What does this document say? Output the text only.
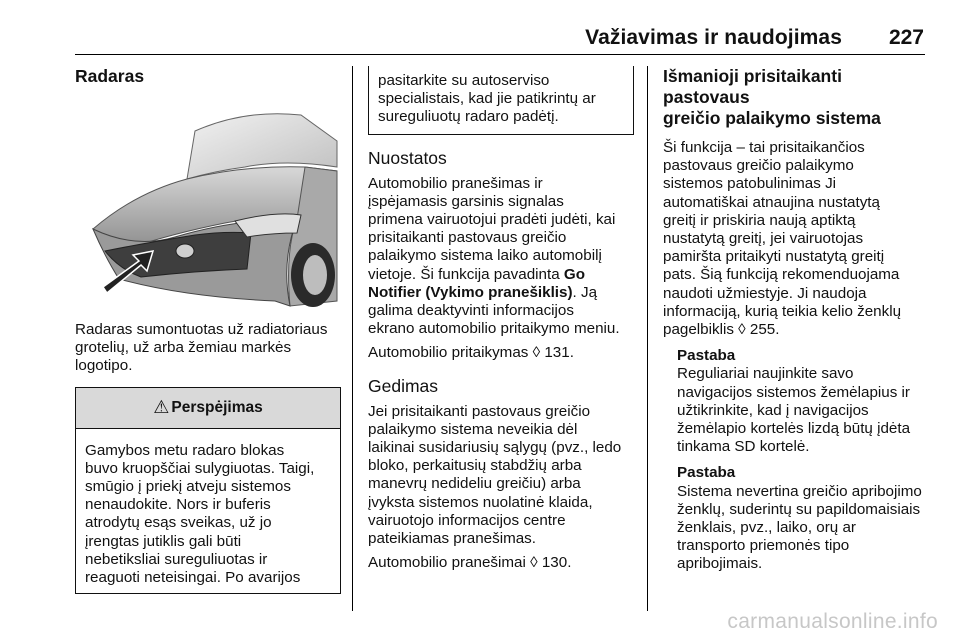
Važiavimas ir naudojimas 227
Radaras

Radaras sumontuotas už radiatoriaus

grotelių, už arba žemiau markės

logotipo.

⚠ Perspėjimas

Gamybos metu radaro blokas

buvo kruopščiai sulygiuotas. Taigi,

smūgio į priekį atveju sistemos

nenaudokite. Nors ir buferis

atrodytų esąs sveikas, už jo

įrengtas jutiklis gali būti

nebetiksliai sureguliuotas ir

reaguoti neteisingai. Po avarijos

pasitarkite su autoserviso

specialistais, kad jie patikrintų ar

sureguliuotų radaro padėtį.

Nuostatos

Automobilio pranešimas ir

įspėjamasis garsinis signalas

primena vairuotojui pradėti judėti, kai

prisitaikanti pastovaus greičio

palaikymo sistema laiko automobilį

vietoje. Ši funkcija pavadinta Go

Notifier (Vykimo pranešiklis). Ją

galima deaktyvinti informacijos

ekrano automobilio pritaikymo meniu.

Automobilio pritaikymas ◊ 131.

Gedimas

Jei prisitaikanti pastovaus greičio

palaikymo sistema neveikia dėl

laikinai susidariusių sąlygų (pvz., ledo

bloko, perkaitusių stabdžių arba

manevrų nedideliu greičiu) arba

įvyksta sistemos nuolatinė klaida,

vairuotojo informacijos centre

pateikiamas pranešimas.

Automobilio pranešimai ◊ 130.

Išmanioji prisitaikanti pastovaus
greičio palaikymo sistema

Ši funkcija – tai prisitaikančios

pastovaus greičio palaikymo

sistemos patobulinimas Ji

automatiškai atnaujina nustatytą

greitį ir priskiria naują aptiktą

nustatytą greitį, jei vairuotojas

pamiršta pritaikyti nustatytą greitį

pats. Šią funkciją rekomenduojama

naudoti užmiestyje. Ji naudoja

informaciją, kurią teikia kelio ženklų

pagelbiklis ◊ 255.

Pastaba

Reguliariai naujinkite savo

navigacijos sistemos žemėlapius ir

užtikrinkite, kad į navigacijos

žemėlapio kortelės lizdą būtų įdėta

tinkama SD kortelė.

Pastaba

Sistema nevertina greičio apribojimo

ženklų, suderintų su papildomaisiais

ženklais, pvz., laiko, orų ar

transporto priemonės tipo

apribojimais.

carmanualsonline.info
